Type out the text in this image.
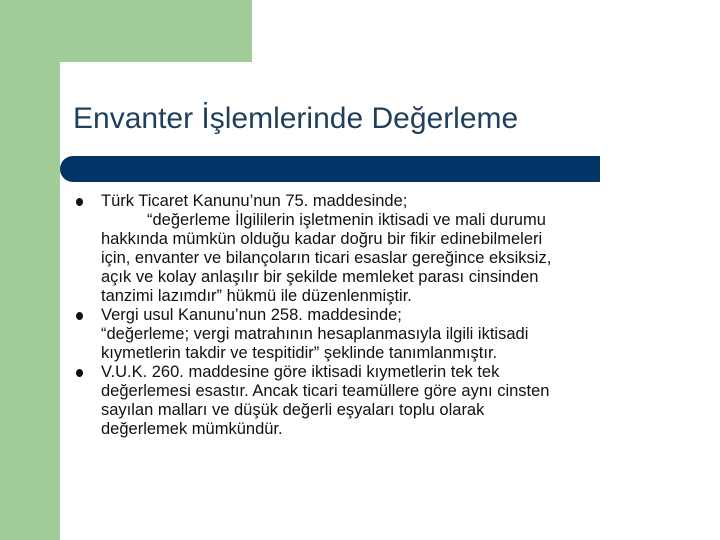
Envanter İşlemlerinde Değerleme
Türk Ticaret Kanunu’nun 75. maddesinde;
“değerleme İlgililerin işletmenin iktisadi ve mali durumu
hakkında mümkün olduğu kadar doğru bir fikir edinebilmeleri
için, envanter ve bilançoların ticari esaslar gereğince eksiksiz,
açık ve kolay anlaşılır bir şekilde memleket parası cinsinden
tanzimi lazımdır” hükmü ile düzenlenmiştir.
Vergi usul Kanunu’nun 258. maddesinde;
“değerleme; vergi matrahının hesaplanmasıyla ilgili iktisadi
kıymetlerin takdir ve tespitidir” şeklinde tanımlanmıştır.
V.U.K. 260. maddesine göre iktisadi kıymetlerin tek tek
değerlemesi esastır. Ancak ticari teamüllere göre aynı cinsten
sayılan malları ve düşük değerli eşyaları toplu olarak
değerlemek mümkündür.
